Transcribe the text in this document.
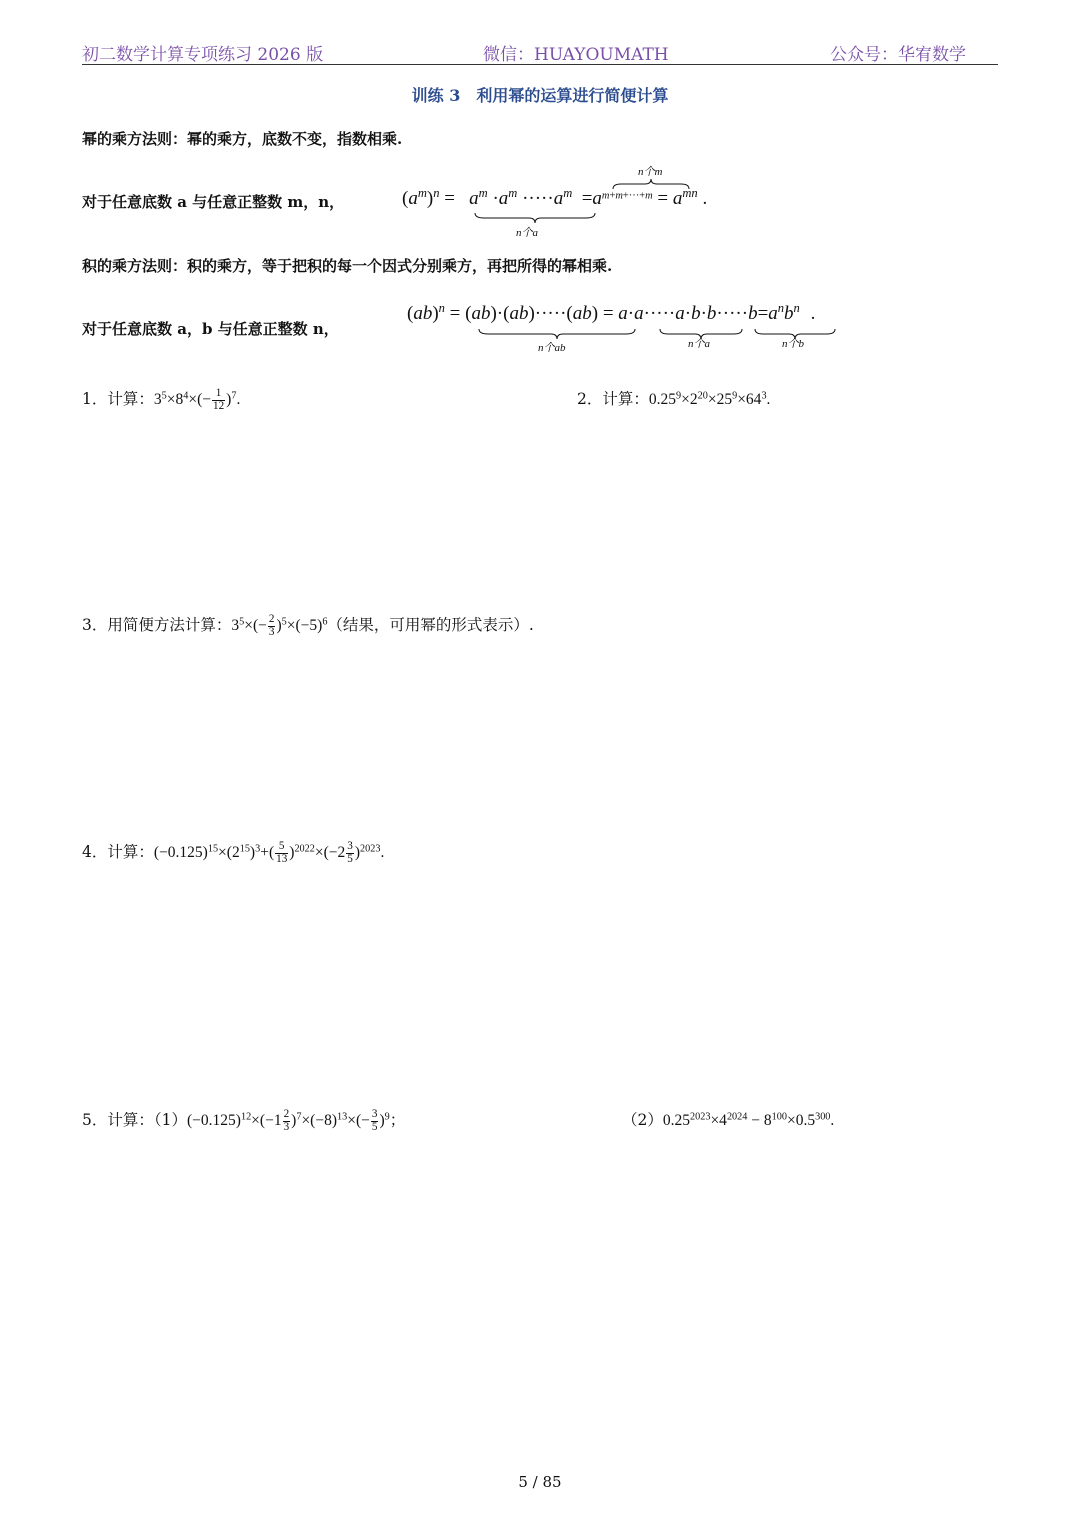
初二数学计算专项练习 2026 版	微信：HUAYOUMATH	公众号：华宥数学
训练 3　利用幂的运算进行简便计算
幂的乘方法则：幂的乘方，底数不变，指数相乘.
对于任意底数 a 与任意正整数 m，n，	$(a^m)^n = a^m \cdot a^m \cdot\cdot\cdot\cdot\cdot a^m =a^{m+m+\cdot\cdot\cdot+m} = a^{mn}$ .
n个a
n个m
积的乘方法则：积的乘方，等于把积的每一个因式分别乘方，再把所得的幂相乘.
对于任意底数 a，b 与任意正整数 n，
$(ab)^n = (ab)\cdot(ab)\cdot\cdot\cdot\cdot\cdot(ab) = a\cdot a\cdot\cdot\cdot\cdot\cdot a\cdot b\cdot b\cdot\cdot\cdot\cdot\cdot b=a^nb^n$ .
n个ab	n个a	n个b
1．计算：$3^5\times 8^4\times(- \frac{1}{12} )^7$.	2．计算：$0.25^9\times 2^{20}\times 25^9\times 64^3$.
3．用简便方法计算：$3^5\times(- \frac{2}{3} )^5\times(-5)^6$（结果，可用幂的形式表示）.
4．计算：$(-0.125)^{15}\times(2^{15})^3+( \frac{5}{13} )^{2022}\times(-2 \frac{3}{5} )^{2023}$.
5．计算：$(1)(-0.125)^{12}\times(-1 \frac{2}{3} )^7\times(-8)^{13}\times(- \frac{3}{5} )^9$；	$(2)0.25^{2023}\times 4^{2024} - 8^{100}\times 0.5^{300}$.
5 / 85
